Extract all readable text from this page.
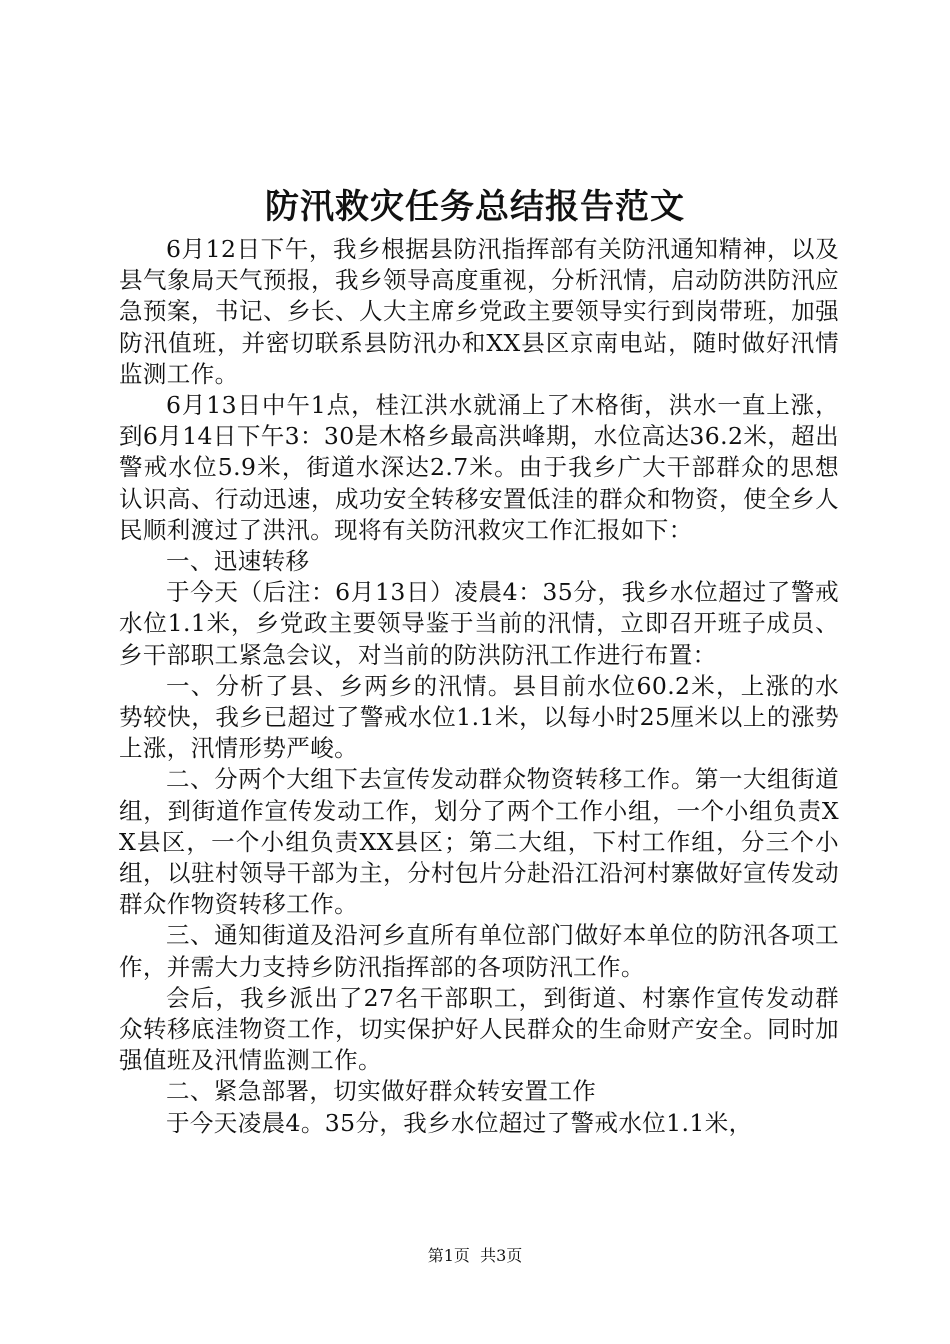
防汛救灾任务总结报告范文

6月12日下午，我乡根据县防汛指挥部有关防汛通知精神，以及县气象局天气预报，我乡领导高度重视，分析汛情，启动防洪防汛应急预案，书记、乡长、人大主席乡党政主要领导实行到岗带班，加强防汛值班，并密切联系县防汛办和XX县区京南电站，随时做好汛情监测工作。

6月13日中午1点，桂江洪水就涌上了木格街，洪水一直上涨，到6月14日下午3：30是木格乡最高洪峰期，水位高达36.2米，超出警戒水位5.9米，街道水深达2.7米。由于我乡广大干部群众的思想认识高、行动迅速，成功安全转移安置低洼的群众和物资，使全乡人民顺利渡过了洪汛。现将有关防汛救灾工作汇报如下：

一、迅速转移

于今天（后注：6月13日）凌晨4：35分，我乡水位超过了警戒水位1.1米，乡党政主要领导鉴于当前的汛情，立即召开班子成员、乡干部职工紧急会议，对当前的防洪防汛工作进行布置：

一、分析了县、乡两乡的汛情。县目前水位60.2米，上涨的水势较快，我乡已超过了警戒水位1.1米，以每小时25厘米以上的涨势上涨，汛情形势严峻。

二、分两个大组下去宣传发动群众物资转移工作。第一大组街道组，到街道作宣传发动工作，划分了两个工作小组，一个小组负责XX县区，一个小组负责XX县区；第二大组，下村工作组，分三个小组，以驻村领导干部为主，分村包片分赴沿江沿河村寨做好宣传发动群众作物资转移工作。

三、通知街道及沿河乡直所有单位部门做好本单位的防汛各项工作，并需大力支持乡防汛指挥部的各项防汛工作。

会后，我乡派出了27名干部职工，到街道、村寨作宣传发动群众转移底洼物资工作，切实保护好人民群众的生命财产安全。同时加强值班及汛情监测工作。

二、紧急部署，切实做好群众转安置工作

于今天凌晨4。35分，我乡水位超过了警戒水位1.1米，

第1页 共3页
